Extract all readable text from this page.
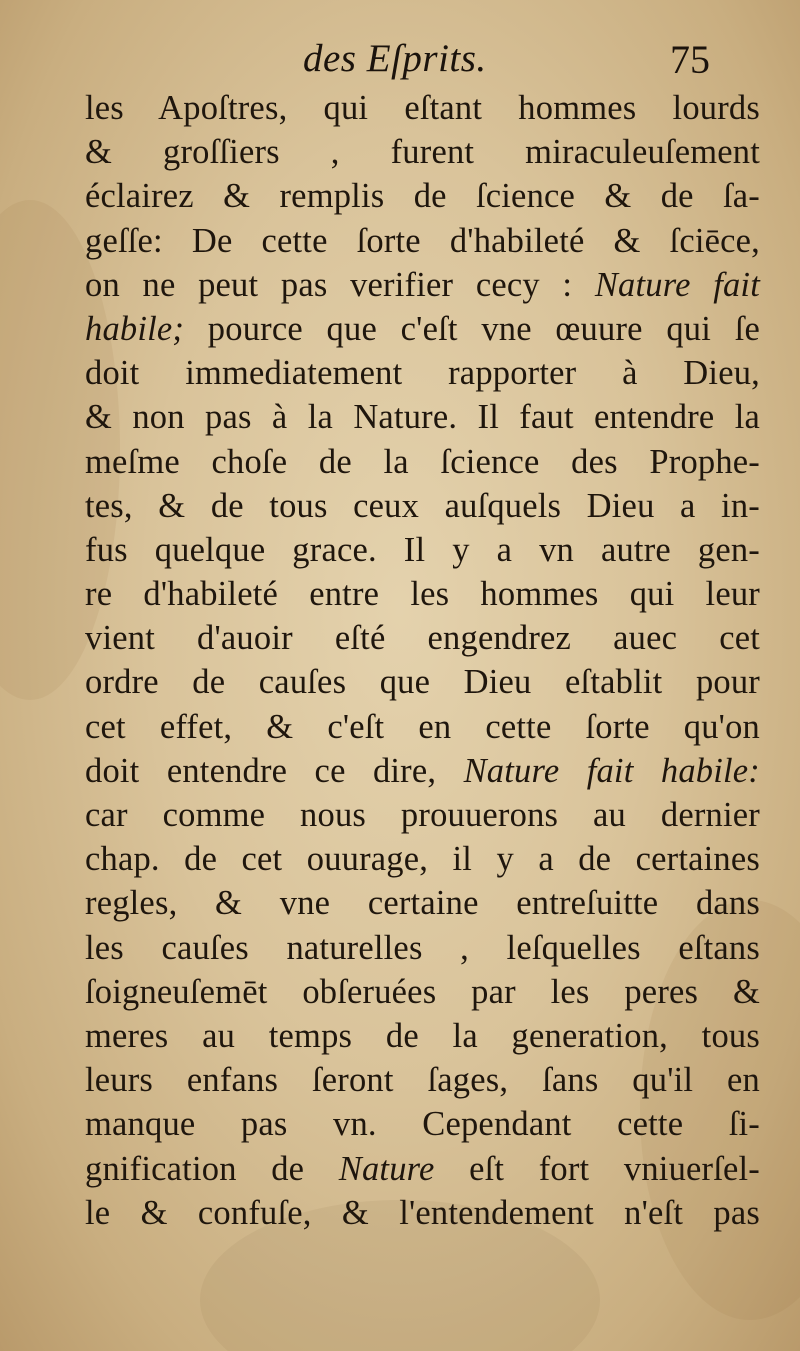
des Eſprits.	75
les Apoſtres, qui eſtant hommes lourds
& groſſiers , furent miraculeuſement
éclairez & remplis de ſcience & de ſa-
geſſe: De cette ſorte d'habileté & ſciēce,
on ne peut pas verifier cecy : Nature fait
habile; pource que c'eſt vne œuure qui ſe
doit immediatement rapporter à Dieu,
& non pas à la Nature. Il faut entendre la
meſme choſe de la ſcience des Prophe-
tes, & de tous ceux auſquels Dieu a in-
fus quelque grace. Il y a vn autre gen-
re d'habileté entre les hommes qui leur
vient d'auoir eſté engendrez auec cet
ordre de cauſes que Dieu eſtablit pour
cet effet, & c'eſt en cette ſorte qu'on
doit entendre ce dire, Nature fait habile:
car comme nous prouuerons au dernier
chap. de cet ouurage, il y a de certaines
regles, & vne certaine entreſuitte dans
les cauſes naturelles , leſquelles eſtans
ſoigneuſemēt obſeruées par les peres &
meres au temps de la generation, tous
leurs enfans ſeront ſages, ſans qu'il en
manque pas vn. Cependant cette ſi-
gnification de Nature eſt fort vniuerſel-
le & confuſe, & l'entendement n'eſt pas
